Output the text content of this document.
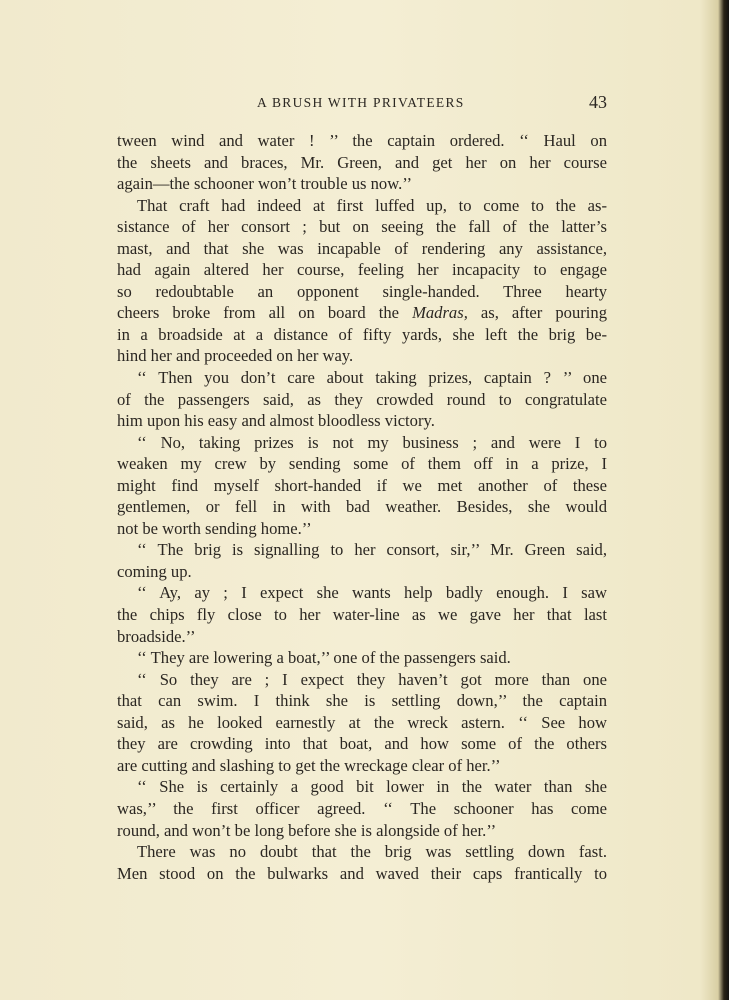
A BRUSH WITH PRIVATEERS	43
tween wind and water ! ’’ the captain ordered. ‘‘ Haul on
the sheets and braces, Mr. Green, and get her on her course
again—the schooner won’t trouble us now.’’
That craft had indeed at first luffed up, to come to the as-
sistance of her consort ; but on seeing the fall of the latter’s
mast, and that she was incapable of rendering any assistance,
had again altered her course, feeling her incapacity to engage
so redoubtable an opponent single-handed. Three hearty
cheers broke from all on board the Madras, as, after pouring
in a broadside at a distance of fifty yards, she left the brig be-
hind her and proceeded on her way.
‘‘ Then you don’t care about taking prizes, captain ? ’’ one
of the passengers said, as they crowded round to congratulate
him upon his easy and almost bloodless victory.
‘‘ No, taking prizes is not my business ; and were I to
weaken my crew by sending some of them off in a prize, I
might find myself short-handed if we met another of these
gentlemen, or fell in with bad weather. Besides, she would
not be worth sending home.’’
‘‘ The brig is signalling to her consort, sir,’’ Mr. Green said,
coming up.
‘‘ Ay, ay ; I expect she wants help badly enough. I saw
the chips fly close to her water-line as we gave her that last
broadside.’’
‘‘ They are lowering a boat,’’ one of the passengers said.
‘‘ So they are ; I expect they haven’t got more than one
that can swim. I think she is settling down,’’ the captain
said, as he looked earnestly at the wreck astern. ‘‘ See how
they are crowding into that boat, and how some of the others
are cutting and slashing to get the wreckage clear of her.’’
‘‘ She is certainly a good bit lower in the water than she
was,’’ the first officer agreed. ‘‘ The schooner has come
round, and won’t be long before she is alongside of her.’’
There was no doubt that the brig was settling down fast.
Men stood on the bulwarks and waved their caps frantically to
